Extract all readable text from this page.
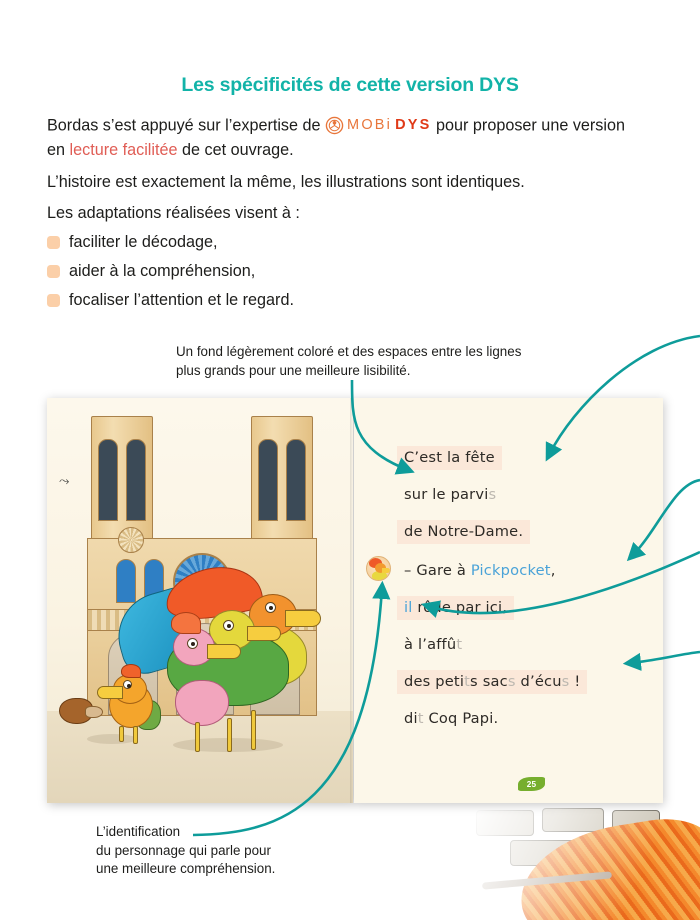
Les spécificités de cette version DYS
Bordas s’est appuyé sur l’expertise de MOBi DYS pour proposer une version
en lecture facilitée de cet ouvrage.
L’histoire est exactement la même, les illustrations sont identiques.
Les adaptations réalisées visent à :
faciliter le décodage,
aider à la compréhension,
focaliser l’attention et le regard.
Un fond légèrement coloré et des espaces entre les lignes
plus grands pour une meilleure lisibilité.
⤳
C’est la fête
sur le parvis
de Notre-Dame.
– Gare à Pickpocket,
il rôde par ici,
à l’affût
des petits sacs d’écus !
dit Coq Papi.
25
L’identification
du personnage qui parle pour
une meilleure compréhension.
